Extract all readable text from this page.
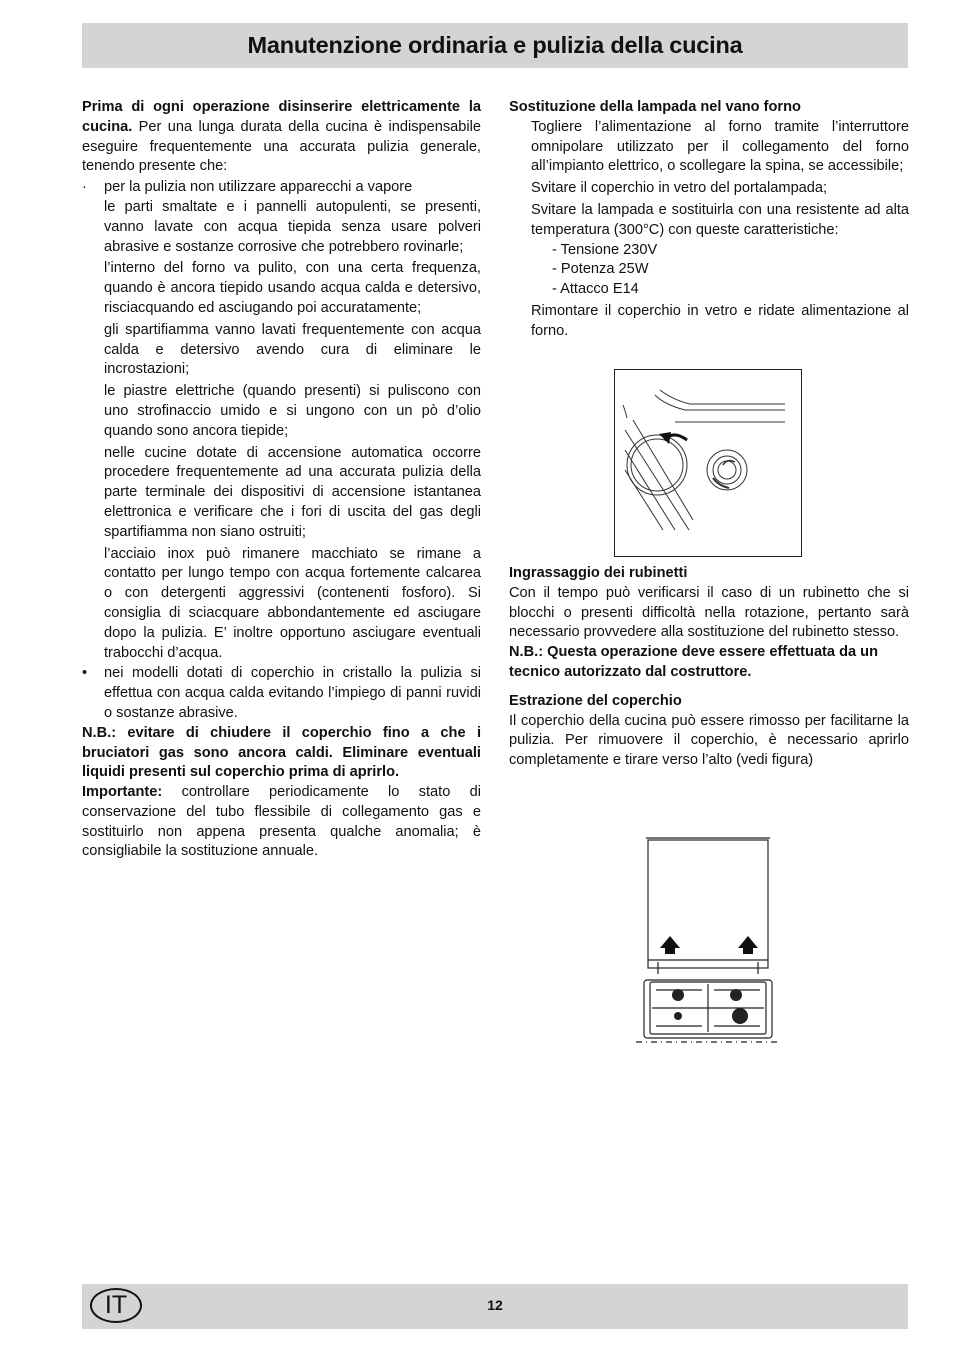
Manutenzione ordinaria e pulizia della cucina

Prima di ogni operazione disinserire elettricamente la cucina. Per una lunga durata della cucina è indispensabile eseguire frequentemente una accurata pulizia generale, tenendo presente che:

· per la pulizia non utilizzare apparecchi a vapore

le parti smaltate e i pannelli autopulenti, se presenti, vanno lavate con acqua tiepida senza usare polveri abrasive e sostanze corrosive che potrebbero rovinarle;

l’interno del forno va pulito, con una certa frequenza, quando è ancora tiepido usando acqua calda e detersivo, risciacquando ed asciugando poi accuratamente;

gli spartifiamma vanno lavati frequentemente con acqua calda e detersivo avendo cura di eliminare le incrostazioni;

le piastre elettriche (quando presenti) si puliscono con uno strofinaccio umido e si ungono con un pò d’olio quando sono ancora tiepide;

nelle cucine dotate di accensione automatica occorre procedere frequentemente ad una accurata pulizia della parte terminale dei dispositivi di accensione istantanea elettronica e verificare che i fori di uscita del gas degli spartifiamma non siano ostruiti;

l’acciaio inox può rimanere macchiato se rimane a contatto per lungo tempo con acqua fortemente calcarea o con detergenti aggressivi (contenenti fosforo). Si consiglia di sciacquare abbondantemente ed asciugare dopo la pulizia. E’ inoltre opportuno asciugare eventuali trabocchi d’acqua.

• nei modelli dotati di coperchio in cristallo la pulizia si effettua con acqua calda evitando l’impiego di panni ruvidi o sostanze abrasive.

N.B.: evitare di chiudere il coperchio fino a che i bruciatori gas sono ancora caldi. Eliminare eventuali liquidi presenti sul coperchio prima di aprirlo.

Importante: controllare periodicamente lo stato di conservazione del tubo flessibile di collegamento gas e sostituirlo non appena presenta qualche anomalia; è consigliabile la sostituzione annuale.

Sostituzione della lampada nel vano forno

Togliere l’alimentazione al forno tramite l’interruttore omnipolare utilizzato per il collegamento del forno all’impianto elettrico, o scollegare la spina, se accessibile;

Svitare il coperchio in vetro del portalampada;

Svitare la lampada e sostituirla con una resistente ad alta temperatura (300°C) con queste caratteristiche:

- Tensione 230V

- Potenza 25W

- Attacco E14

Rimontare il coperchio in vetro e ridate alimentazione al forno.

Ingrassaggio dei rubinetti

Con il tempo può verificarsi il caso di un rubinetto che si blocchi o presenti difficoltà nella rotazione, pertanto sarà necessario provvedere alla sostituzione del rubinetto stesso.

N.B.: Questa operazione deve essere effettuata da un tecnico autorizzato dal costruttore.

Estrazione del coperchio

Il coperchio della cucina può essere rimosso per facilitarne la pulizia. Per rimuovere il coperchio, è necessario aprirlo completamente e tirare verso l’alto (vedi figura)

IT	12
